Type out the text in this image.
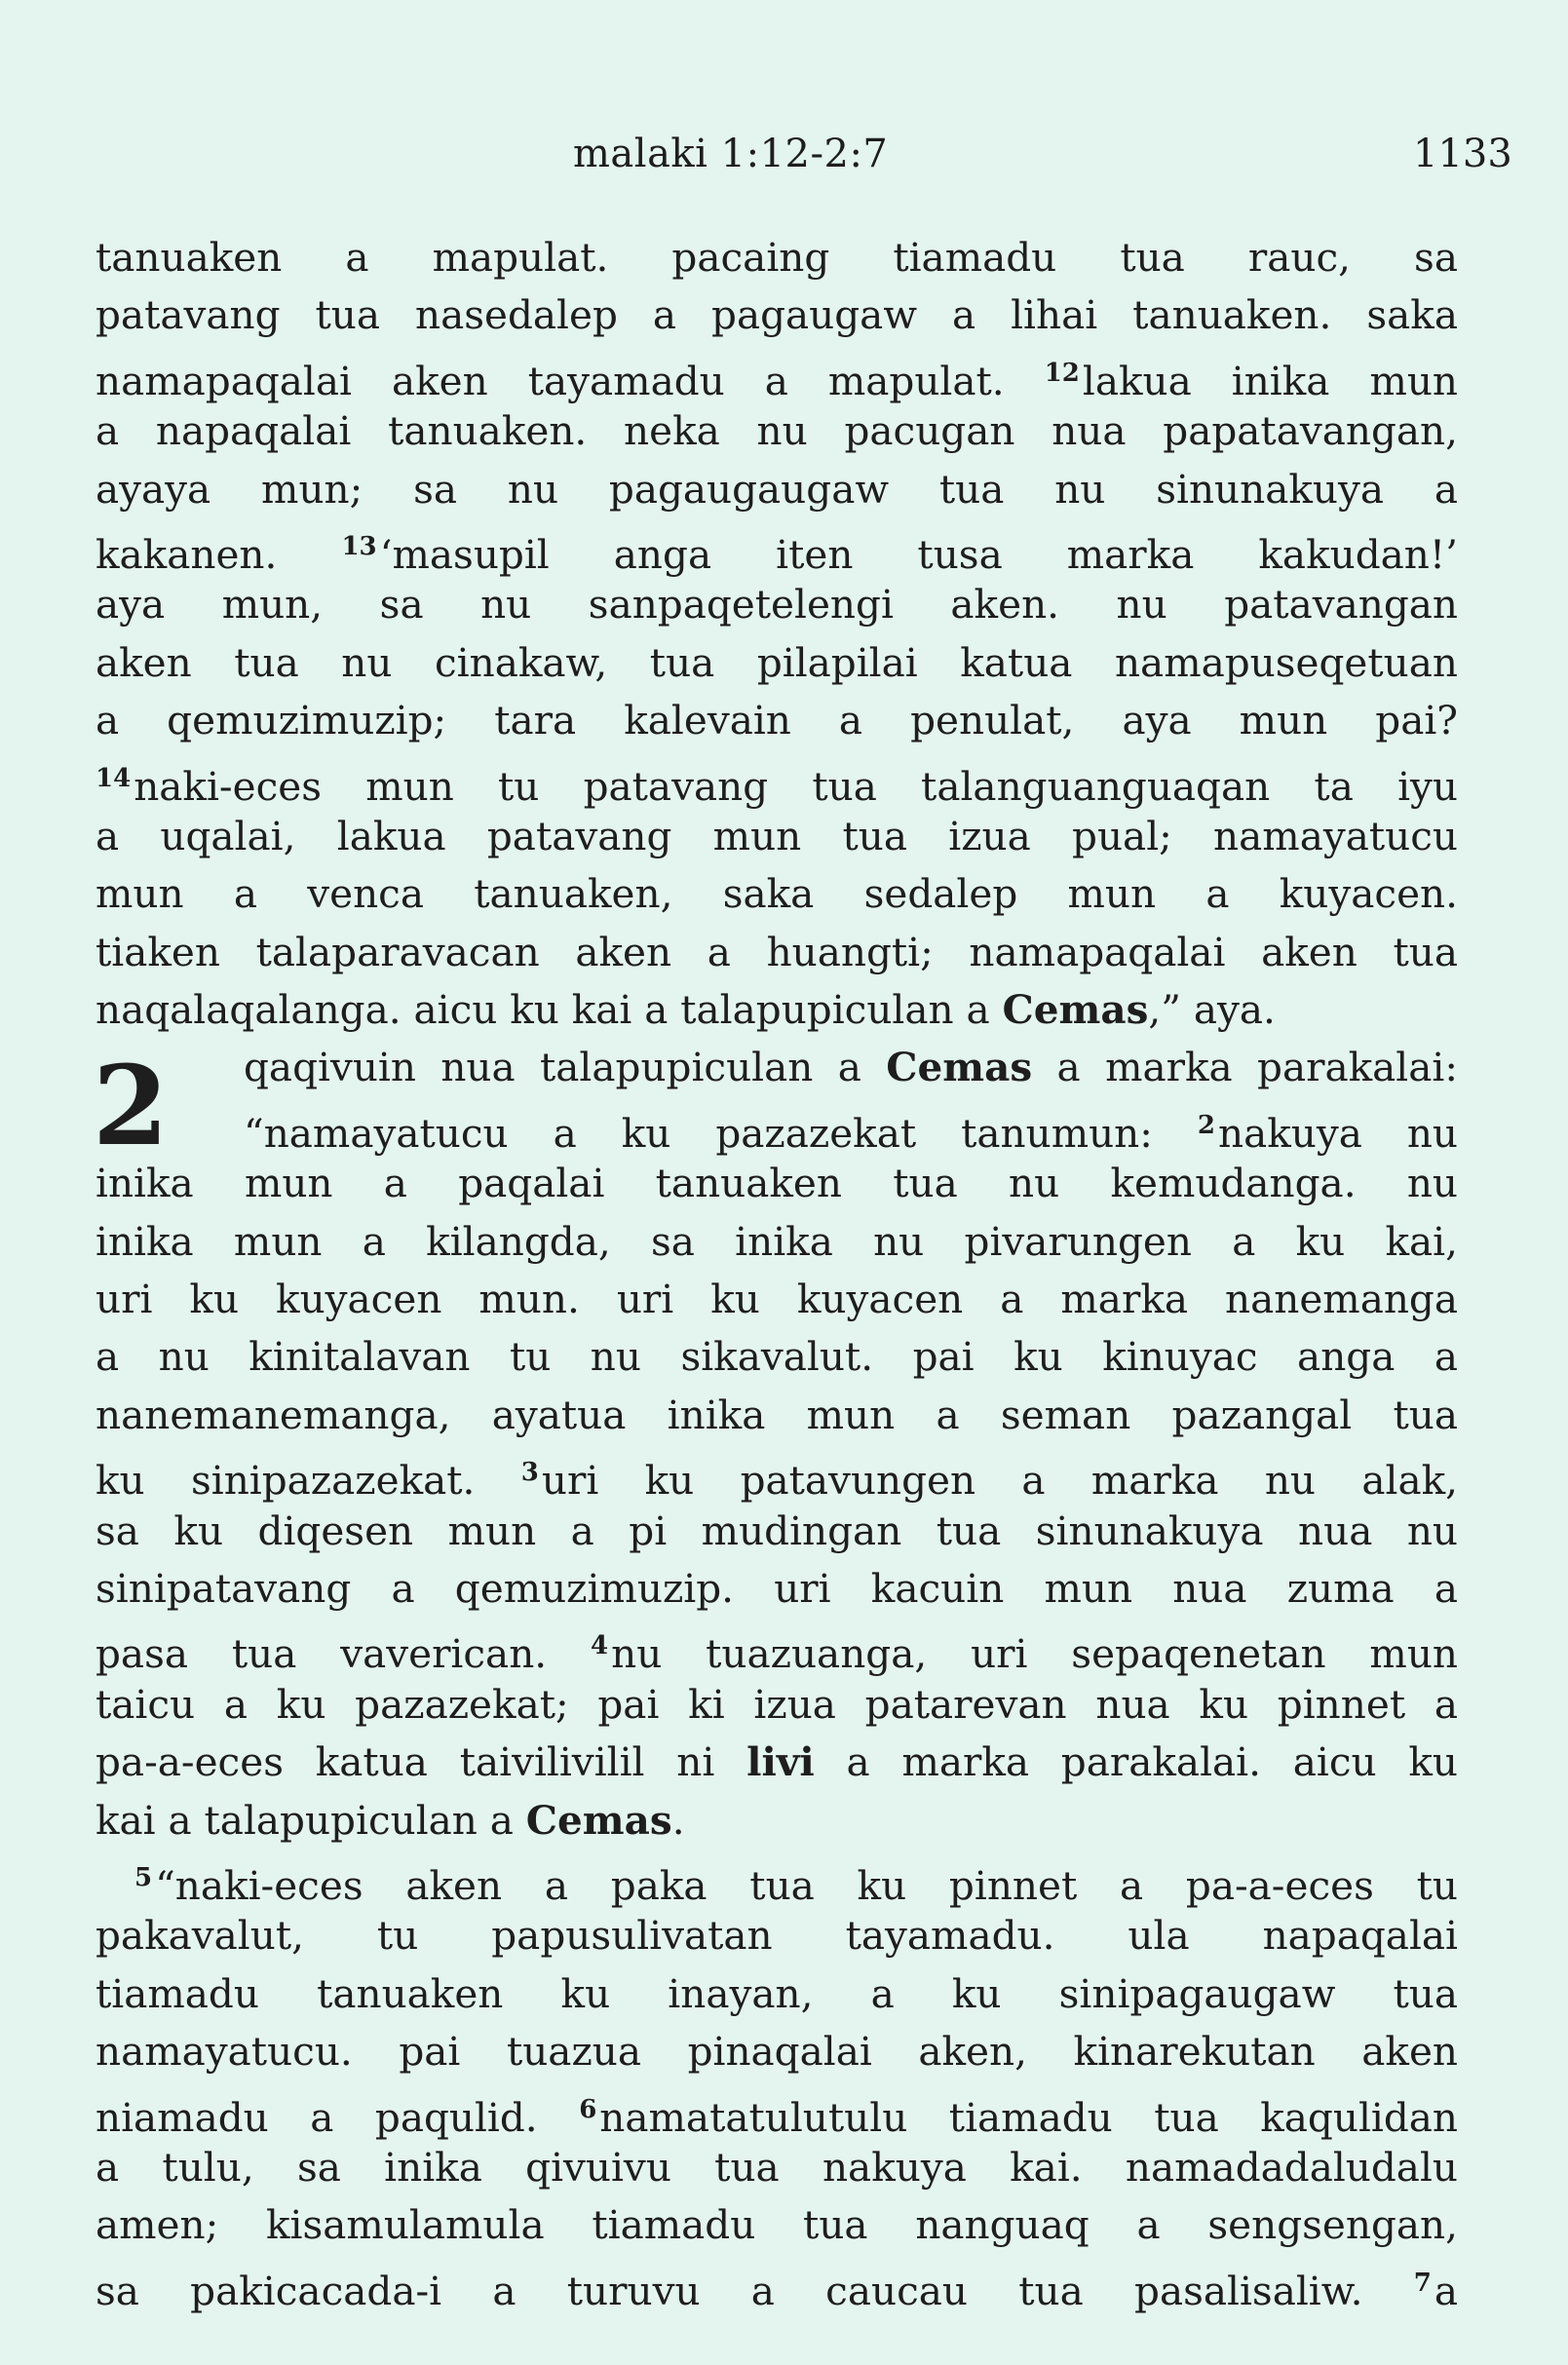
malaki 1:12-2:7	1133
2
tanuaken a mapulat. pacaing tiamadu tua rauc, sa
patavang tua nasedalep a pagaugaw a lihai tanuaken. saka
namapaqalai aken tayamadu a mapulat. $^{12}$lakua inika mun
a napaqalai tanuaken. neka nu pacugan nua papatavangan,
ayaya mun; sa nu pagaugaugaw tua nu sinunakuya a
kakanen.	$^{13}$‘masupil anga iten tusa marka kakudan!’
aya mun, sa nu sanpaqetelengi aken. nu patavangan
aken tua nu cinakaw, tua pilapilai katua namapuseqetuan
a qemuzimuzip; tara kalevain a penulat, aya mun pai?
$^{14}$naki-eces mun tu patavang tua talanguanguaqan ta iyu
a uqalai, lakua patavang mun tua izua pual; namayatucu
mun a venca tanuaken, saka sedalep mun a kuyacen.
tiaken talaparavacan aken a huangti; namapaqalai aken tua
naqalaqalanga. aicu ku kai a talapupiculan a Cemas,” aya.
qaqivuin nua talapupiculan a Cemas a marka parakalai:
“namayatucu a ku pazazekat tanumun: $^2$nakuya nu
inika mun a paqalai tanuaken tua nu kemudanga. nu
inika mun a kilangda, sa inika nu pivarungen a ku kai,
uri ku kuyacen mun. uri ku kuyacen a marka nanemanga
a nu kinitalavan tu nu sikavalut. pai ku kinuyac anga a
nanemanemanga, ayatua inika mun a seman pazangal tua
ku sinipazazekat. $^3$uri ku patavungen a marka nu alak,
sa ku diqesen mun a pi mudingan tua sinunakuya nua nu
sinipatavang a qemuzimuzip. uri kacuin mun nua zuma a
pasa tua vaverican. $^4$nu tuazuanga, uri sepaqenetan mun
taicu a ku pazazekat; pai ki izua patarevan nua ku pinnet a
pa-a-eces katua taivilivilil ni livi a marka parakalai. aicu ku
kai a talapupiculan a Cemas.
$^5$“naki-eces aken a paka tua ku pinnet a pa-a-eces tu
pakavalut, tu papusulivatan tayamadu. ula napaqalai
tiamadu tanuaken ku inayan, a ku sinipagaugaw tua
namayatucu. pai tuazua pinaqalai aken, kinarekutan aken
niamadu a paqulid. $^6$namatatulutulu tiamadu tua kaqulidan
a tulu, sa inika qivuivu tua nakuya kai. namadadaludalu
amen; kisamulamula tiamadu tua nanguaq a sengsengan,
sa pakicacada-i a turuvu a caucau tua pasalisaliw. $^7$a
